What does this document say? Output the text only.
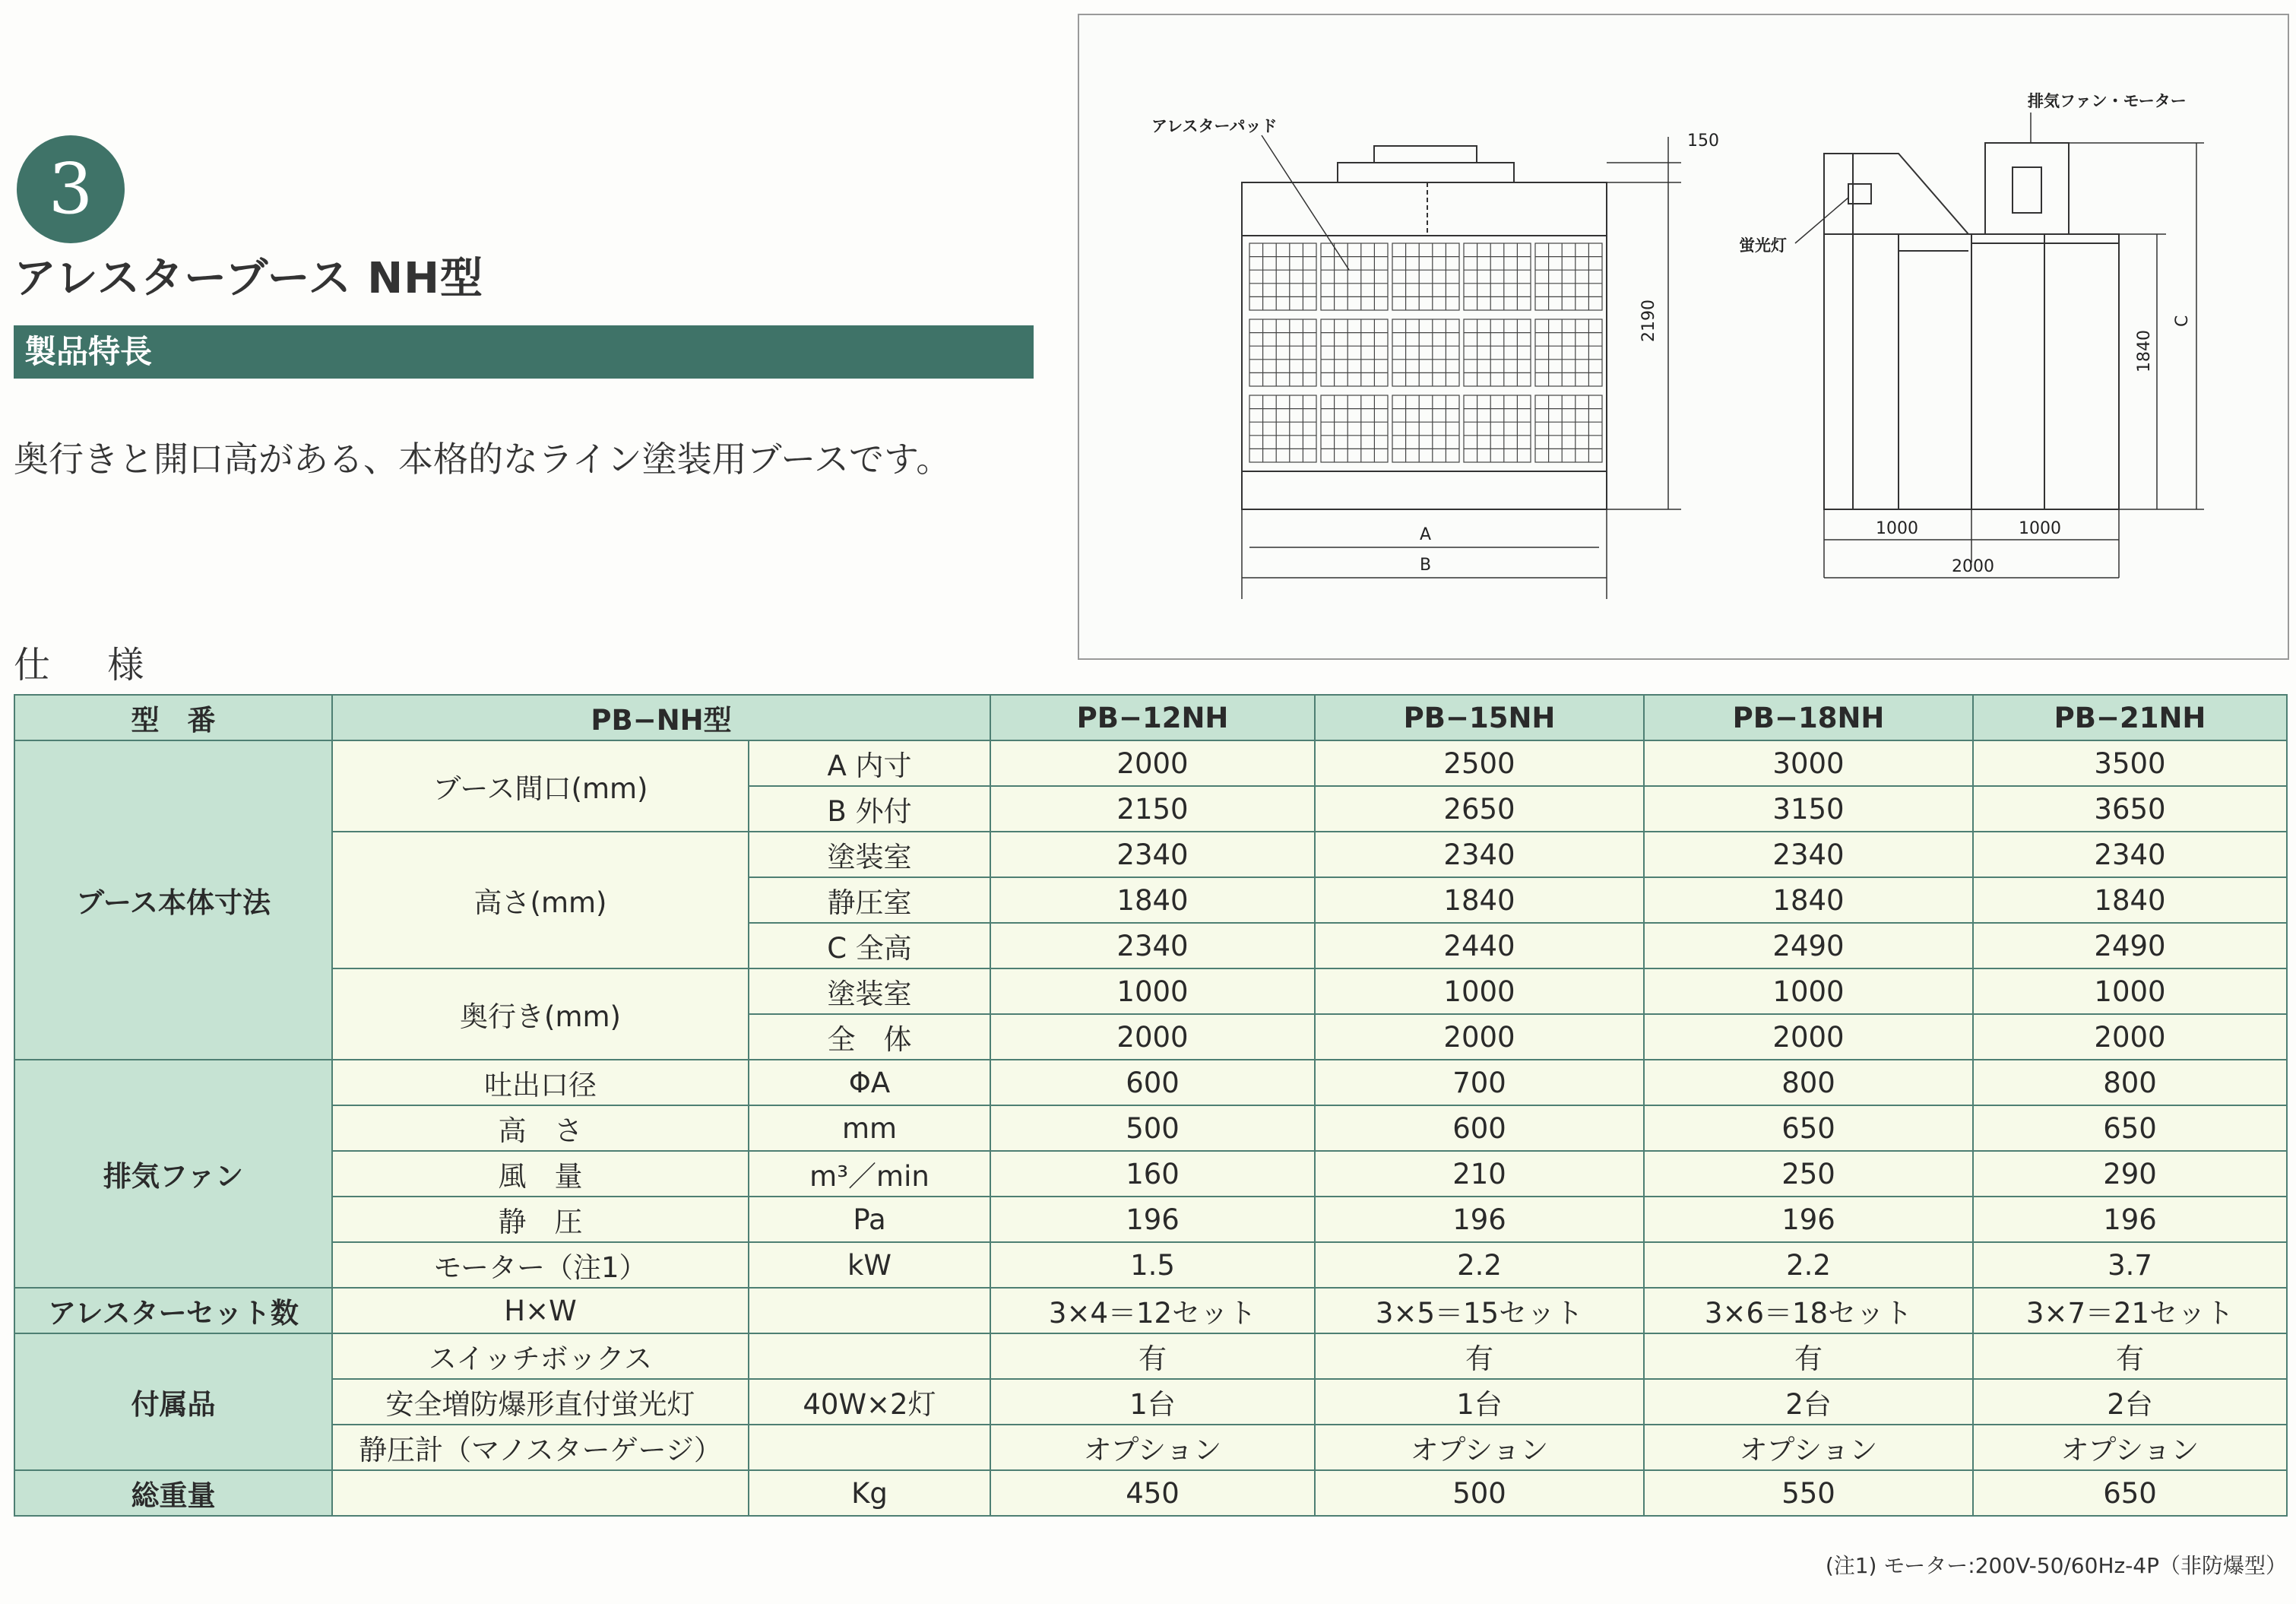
3
アレスターブース NH型
製品特長
奥行きと開口高がある、本格的なライン塗装用ブースです。
仕 様
アレスターパッド
150
2190
A
B
排気ファン・モーター
蛍光灯
1840
C
1000	1000
2000
型　番	PB−NH型		PB−12NH	PB−15NH	PB−18NH	PB−21NH
ブース本体寸法	ブース間口(mm)	A 内寸	2000	2500	3000	3500
		B 外付	2150	2650	3150	3650
	高さ(mm)	塗装室	2340	2340	2340	2340
		静圧室	1840	1840	1840	1840
		C 全高	2340	2440	2490	2490
	奥行き(mm)	塗装室	1000	1000	1000	1000
		全　体	2000	2000	2000	2000
排気ファン	吐出口径	ΦA	600	700	800	800
	高　さ	mm	500	600	650	650
	風　量	m³／min	160	210	250	290
	静　圧	Pa	196	196	196	196
	モーター（注1）	kW	1.5	2.2	2.2	3.7
アレスターセット数	H×W		3×4＝12セット	3×5＝15セット	3×6＝18セット	3×7＝21セット
付属品	スイッチボックス		有	有	有	有
	安全増防爆形直付蛍光灯	40W×2灯	1台	1台	2台	2台
	静圧計（マノスターゲージ）		オプション	オプション	オプション	オプション
総重量		Kg	450	500	550	650
(注1) モーター:200V-50/60Hz-4P（非防爆型）
